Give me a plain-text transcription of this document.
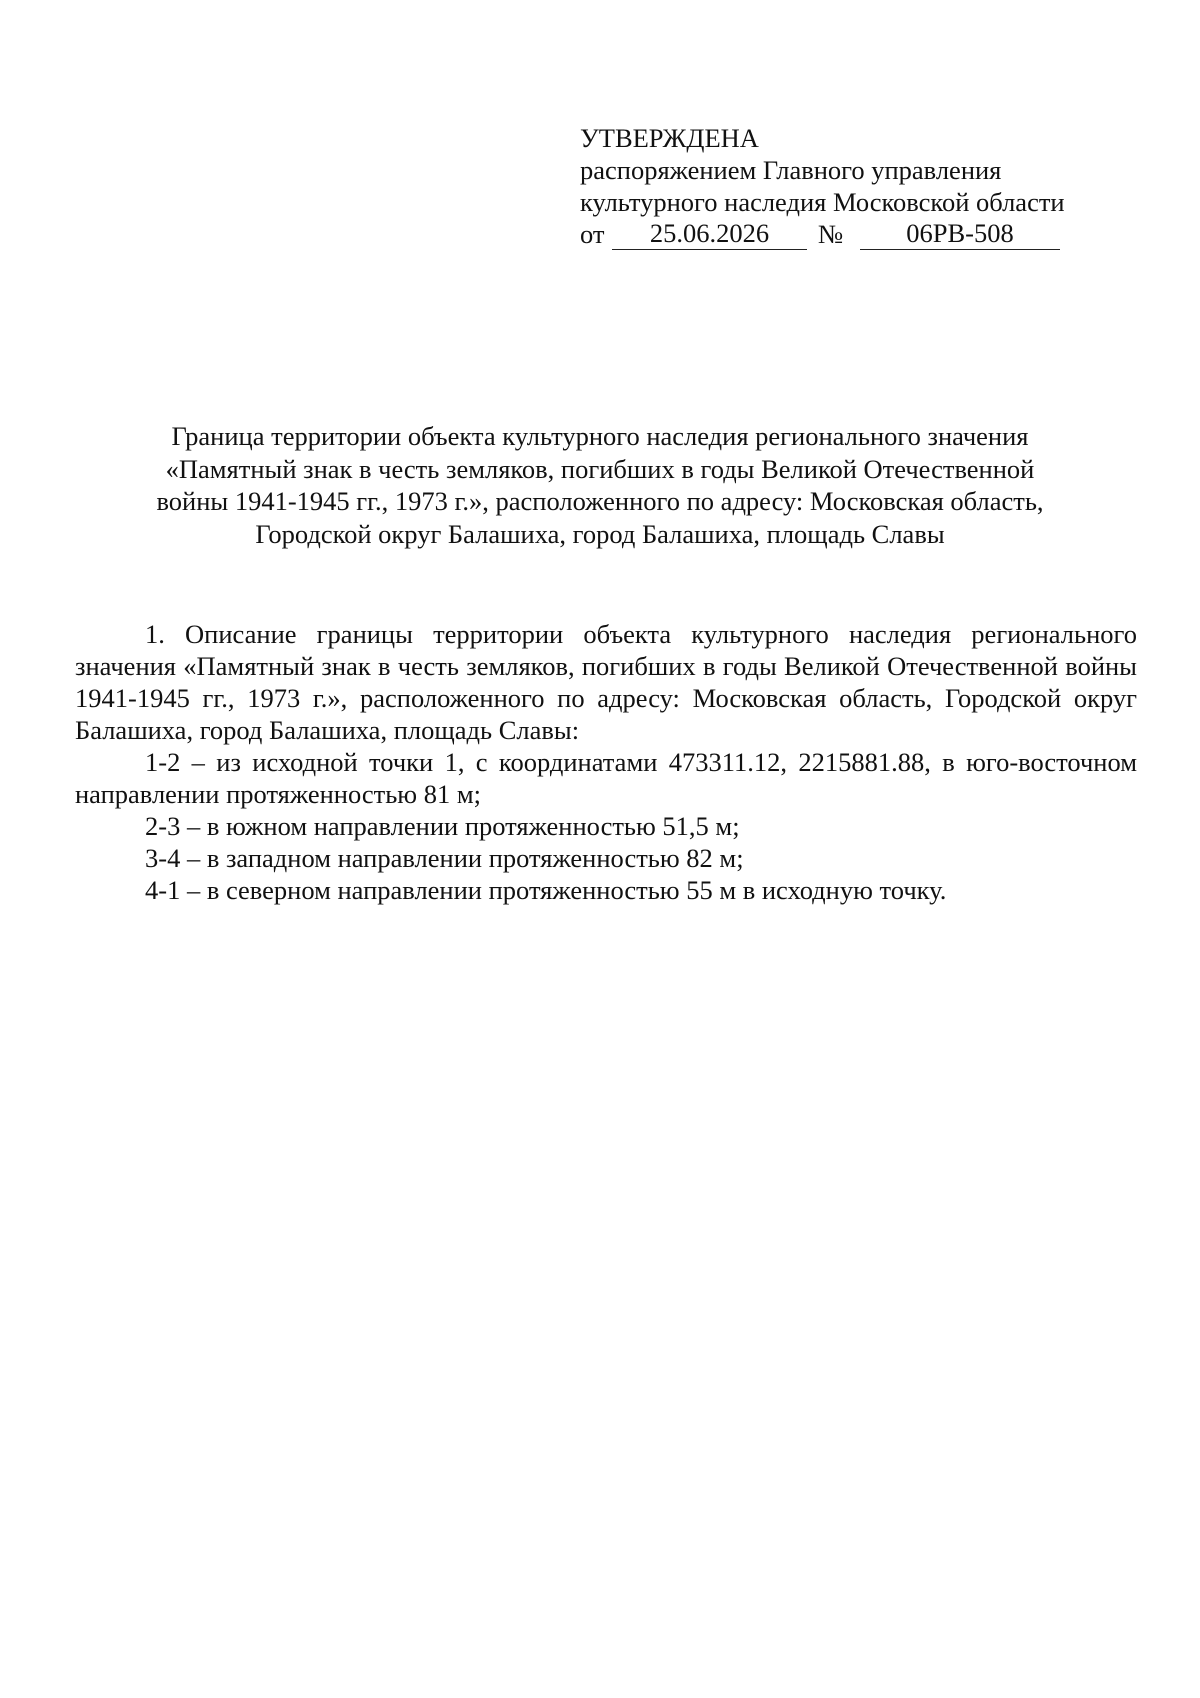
УТВЕРЖДЕНА
распоряжением Главного управления
культурного наследия Московской области
от	25.06.2026	№	06РВ-508
Граница территории объекта культурного наследия регионального значения
«Памятный знак в честь земляков, погибших в годы Великой Отечественной
войны 1941-1945 гг., 1973 г.», расположенного по адресу: Московская область,
Городской округ Балашиха, город Балашиха, площадь Славы

1. Описание границы территории объекта культурного наследия регионального значения «Памятный знак в честь земляков, погибших в годы Великой Отечественной войны 1941-1945 гг., 1973 г.», расположенного по адресу: Московская область, Городской округ Балашиха, город Балашиха, площадь Славы:

1-2 – из исходной точки 1, с координатами 473311.12, 2215881.88, в юго-восточном направлении протяженностью 81 м;

2-3 – в южном направлении протяженностью 51,5 м;

3-4 – в западном направлении протяженностью 82 м;

4-1 – в северном направлении протяженностью 55 м в исходную точку.
